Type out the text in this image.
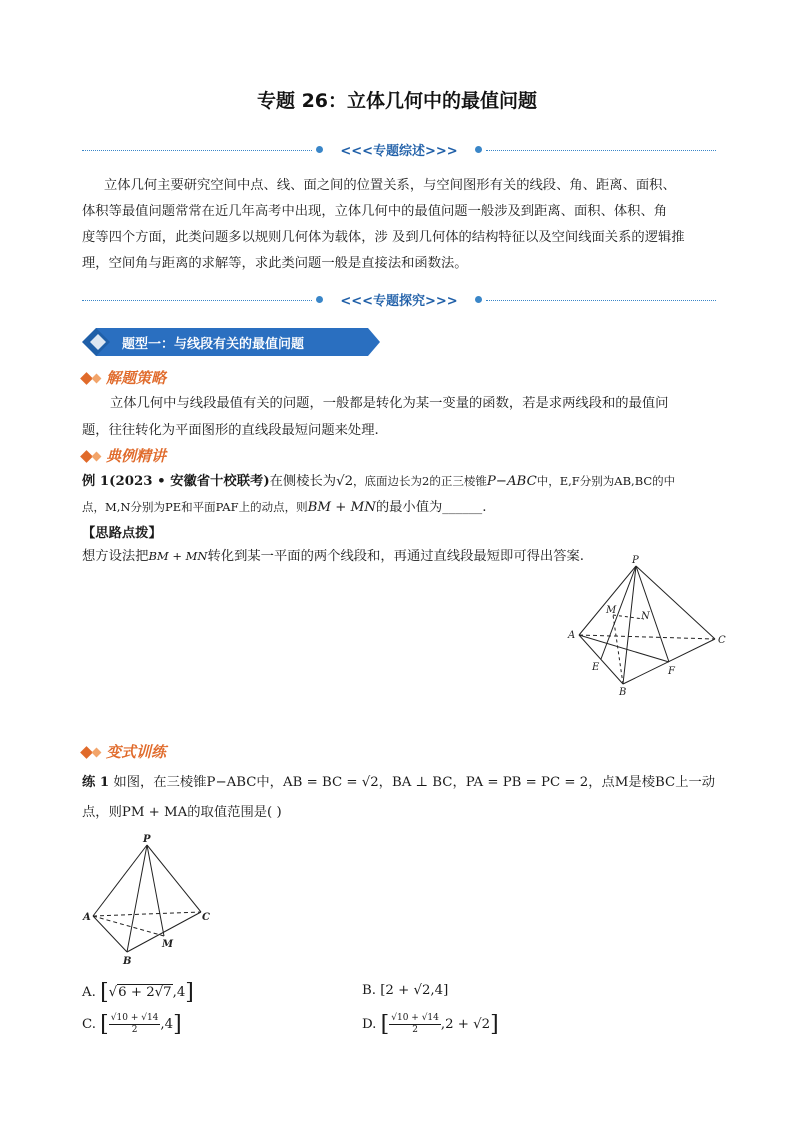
专题 26：立体几何中的最值问题
<<<专题综述>>>
立体几何主要研究空间中点、线、面之间的位置关系，与空间图形有关的线段、角、距离、面积、
体积等最值问题常常在近几年高考中出现，立体几何中的最值问题一般涉及到距离、面积、体积、角
度等四个方面，此类问题多以规则几何体为载体，涉 及到几何体的结构特征以及空间线面关系的逻辑推
理，空间角与距离的求解等，求此类问题一般是直接法和函数法。
<<<专题探究>>>
题型一：与线段有关的最值问题
解题策略
立体几何中与线段最值有关的问题，一般都是转化为某一变量的函数，若是求两线段和的最值问
题，往往转化为平面图形的直线段最短问题来处理.
典例精讲
例 1(2023 • 安徽省十校联考)在侧棱长为√2，底面边长为2的正三棱锥P−ABC中，E,F分别为AB,BC的中
点，M,N分别为PE和平面PAF上的动点，则BM + MN的最小值为______.
【思路点拨】
想方设法把BM + MN转化到某一平面的两个线段和，再通过直线段最短即可得出答案.	P
M
N
A	C
E	F
B
变式训练
练 1 如图，在三棱锥P−ABC中，AB = BC = √2，BA ⊥ BC，PA = PB = PC = 2，点M是棱BC上一动
点，则PM + MA的取值范围是( )
P
A	C
M
B
A. [√6 + 2√7,4]	B. [2 + √2,4]
C. [ $\frac{√10 + √14}{2} ,4$]	D. [ $\frac{√10 + √14}{2} ,2 + √2$]
